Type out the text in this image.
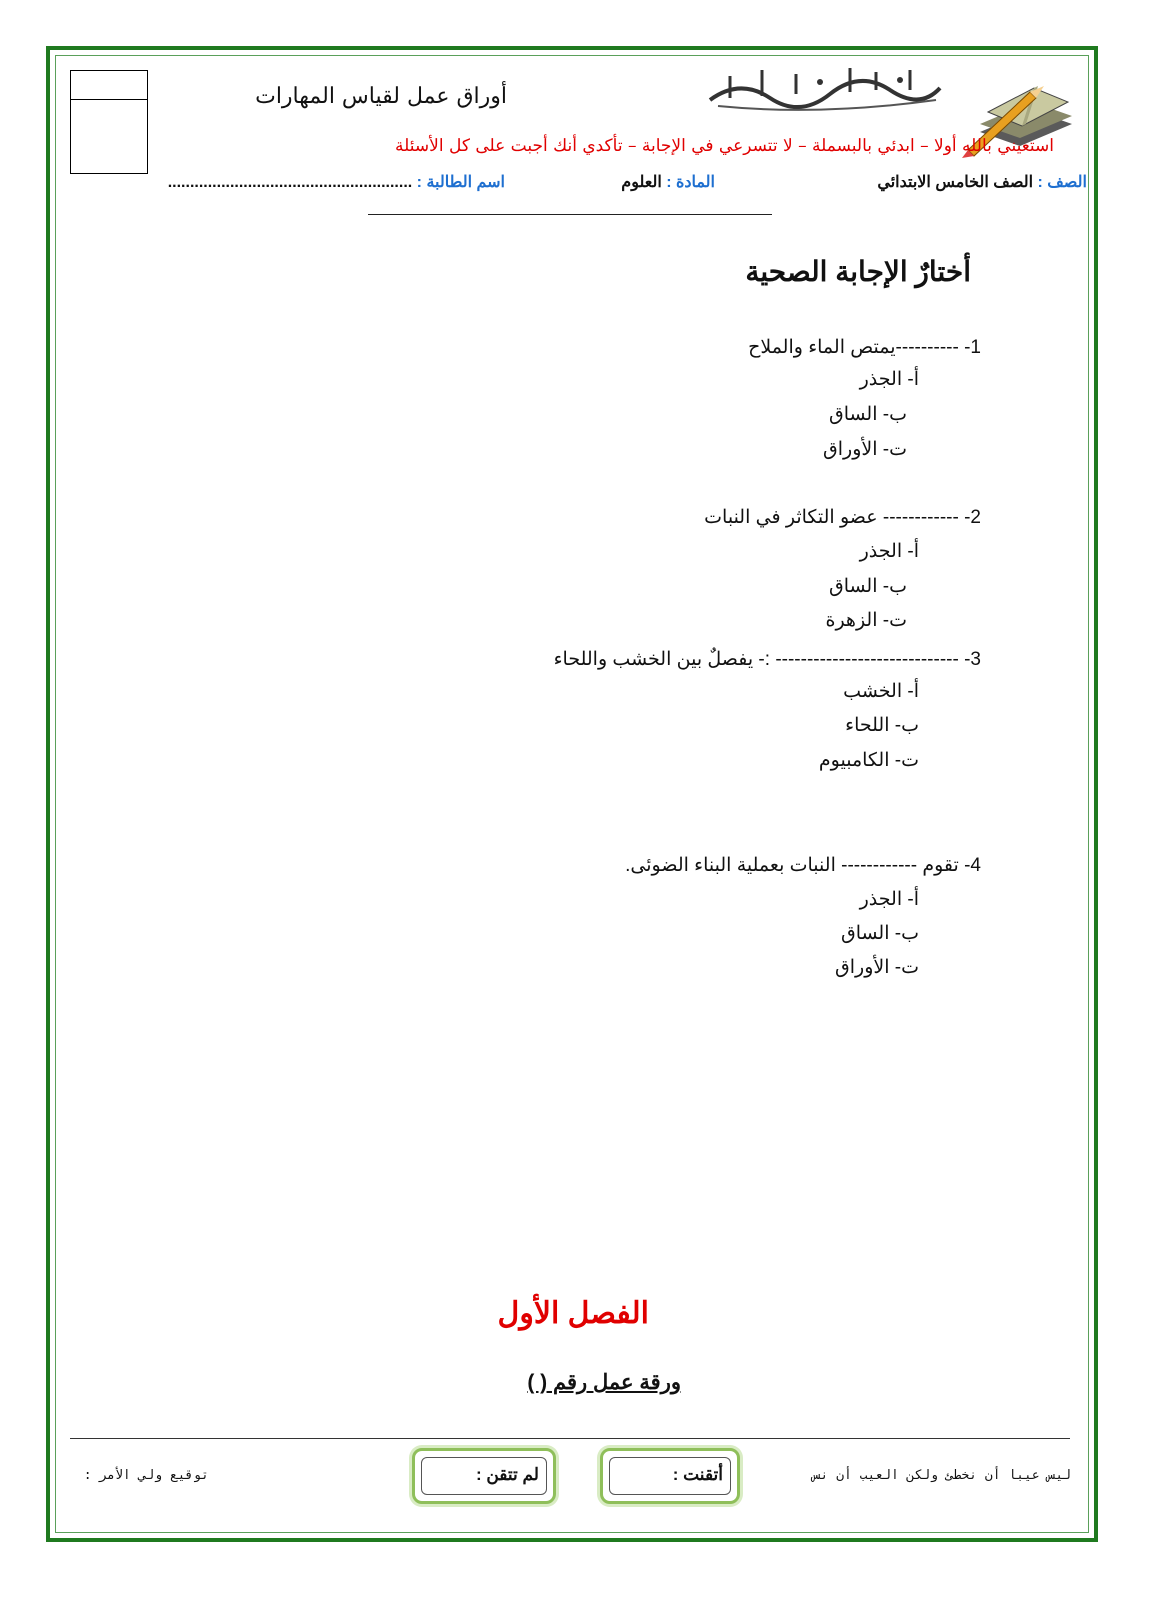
أوراق عمل لقياس المهارات
استعيني بالله أولا – ابدئي بالبسملة – لا تتسرعي في الإجابة – تأكدي أنك أجبت على كل الأسئلة
الصف : الصف الخامس الابتدائي
المادة : العلوم
اسم الطالبة : .......................................................
أختارٌ الإجابة الصحية
1- ----------يمتص الماء والملاح
أ- الجذر
ب- الساق
ت- الأوراق
2- ------------ عضو التكاثر في النبات
أ- الجذر
ب- الساق
ت- الزهرة
3- ----------------------------- :- يفصلٌ بين الخشب واللحاء
أ- الخشب
ب- اللحاء
ت- الكامبيوم
4- تقوم ------------ النبات بعملية البناء الضوئى.
أ- الجذر
ب- الساق
ت- الأوراق
الفصل الأول
ورقة عمل رقم ( )
ليس عيبا أن نخطئ ولكن العيب أن نس
أتقنت :
لم تتقن :
توقيع ولي الأمر :
